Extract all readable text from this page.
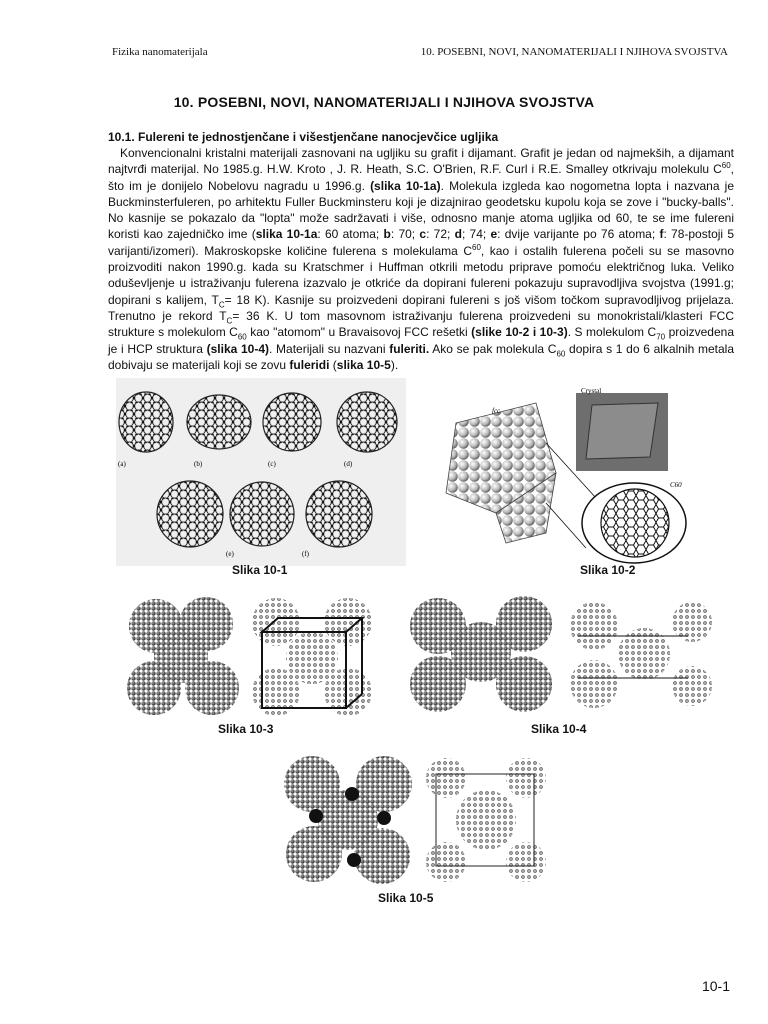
Fizika nanomaterijala	10. POSEBNI, NOVI, NANOMATERIJALI I NJIHOVA SVOJSTVA
10. POSEBNI, NOVI, NANOMATERIJALI I NJIHOVA SVOJSTVA
10.1. Fulereni te jednostjenčane i višestjenčane nanocjevčice ugljika

Konvencionalni kristalni materijali zasnovani na ugljiku su grafit i dijamant. Grafit je jedan od najmekših, a dijamant najtvrđi materijal. No 1985.g. H.W. Kroto , J. R. Heath, S.C. O'Brien, R.F. Curl i R.E. Smalley otkrivaju molekulu $C^{60}$, što im je donijelo Nobelovu nagradu u 1996.g. (slika 10-1a). Molekula izgleda kao nogometna lopta i nazvana je Buckminsterfuleren, po arhitektu Fuller Buckminsteru koji je dizajnirao geodetsku kupolu koja se zove i "bucky-balls". No kasnije se pokazalo da "lopta" može sadržavati i više, odnosno manje atoma ugljika od 60, te se ime fulereni koristi kao zajedničko ime (slika 10-1a: 60 atoma; b: 70; c: 72; d; 74; e: dvije varijante po 76 atoma; f: 78-postoji 5 varijanti/izomeri). Makroskopske količine fulerena s molekulama $C^{60}$, kao i ostalih fulerena počeli su se masovno proizvoditi nakon 1990.g. kada su Kratschmer i Huffman otkrili metodu priprave pomoću električnog luka. Veliko oduševljenje u istraživanju fulerena izazvalo je otkriće da dopirani fulereni pokazuju supravodljiva svojstva (1991.g; dopirani s kalijem, $T_C= 18$ K). Kasnije su proizvedeni dopirani fulereni s još višom točkom supravodljivog prijelaza. Trenutno je rekord $T_C= 36$ K. U tom masovnom istraživanju fulerena proizvedeni su monokristali/klasteri FCC strukture s molekulom $C_{60}$ kao "atomom" u Bravaisovoj FCC rešetki (slike 10-2 i 10-3). S molekulom $C_{70}$ proizvedena je i HCP struktura (slika 10-4). Materijali su nazvani fuleriti. Ako se pak molekula $C_{60}$ dopira s 1 do 6 alkalnih metala dobivaju se materijali koji se zovu fuleridi (slika 10-5).

(a)	(b)	(c)	(d)
(e)	(f)
Slika 10-1
fcc
Crystal
C60
Slika 10-2
Slika 10-3	Slika 10-4
Slika 10-5
10-1
